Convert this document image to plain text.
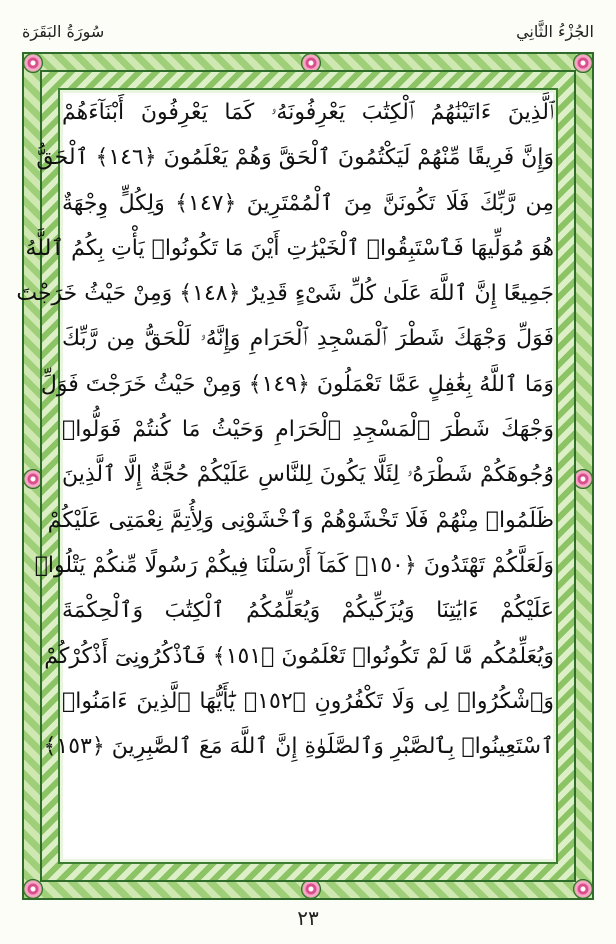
سُورَةُ البَقَرَة	الجُزْءُ الثَّانِي
ٱلَّذِينَ ءَاتَيْنَٰهُمُ ٱلْكِتَٰبَ يَعْرِفُونَهُۥ كَمَا يَعْرِفُونَ أَبْنَآءَهُمْ
وَإِنَّ فَرِيقًا مِّنْهُمْ لَيَكْتُمُونَ ٱلْحَقَّ وَهُمْ يَعْلَمُونَ ﴿١٤٦﴾ ٱلْحَقُّ
مِن رَّبِّكَ فَلَا تَكُونَنَّ مِنَ ٱلْمُمْتَرِينَ ﴿١٤٧﴾ وَلِكُلٍّ وِجْهَةٌ
هُوَ مُوَلِّيهَا فَٱسْتَبِقُوا۟ ٱلْخَيْرَٰتِ أَيْنَ مَا تَكُونُوا۟ يَأْتِ بِكُمُ ٱللَّهُ
جَمِيعًا إِنَّ ٱللَّهَ عَلَىٰ كُلِّ شَىْءٍ قَدِيرٌ ﴿١٤٨﴾ وَمِنْ حَيْثُ خَرَجْتَ
فَوَلِّ وَجْهَكَ شَطْرَ ٱلْمَسْجِدِ ٱلْحَرَامِ وَإِنَّهُۥ لَلْحَقُّ مِن رَّبِّكَ
وَمَا ٱللَّهُ بِغَٰفِلٍ عَمَّا تَعْمَلُونَ ﴿١٤٩﴾ وَمِنْ حَيْثُ خَرَجْتَ فَوَلِّ
وَجْهَكَ شَطْرَ ٱلْمَسْجِدِ ٱلْحَرَامِ وَحَيْثُ مَا كُنتُمْ فَوَلُّوا۟
وُجُوهَكُمْ شَطْرَهُۥ لِئَلَّا يَكُونَ لِلنَّاسِ عَلَيْكُمْ حُجَّةٌ إِلَّا ٱلَّذِينَ
ظَلَمُوا۟ مِنْهُمْ فَلَا تَخْشَوْهُمْ وَٱخْشَوْنِى وَلِأُتِمَّ نِعْمَتِى عَلَيْكُمْ
وَلَعَلَّكُمْ تَهْتَدُونَ ﴿١٥٠﴾ كَمَآ أَرْسَلْنَا فِيكُمْ رَسُولًا مِّنكُمْ يَتْلُوا۟
عَلَيْكُمْ ءَايَٰتِنَا وَيُزَكِّيكُمْ وَيُعَلِّمُكُمُ ٱلْكِتَٰبَ وَٱلْحِكْمَةَ
وَيُعَلِّمُكُم مَّا لَمْ تَكُونُوا۟ تَعْلَمُونَ ﴿١٥١﴾ فَٱذْكُرُونِىٓ أَذْكُرْكُمْ
وَٱشْكُرُوا۟ لِى وَلَا تَكْفُرُونِ ﴿١٥٢﴾ يَٰٓأَيُّهَا ٱلَّذِينَ ءَامَنُوا۟
ٱسْتَعِينُوا۟ بِٱلصَّبْرِ وَٱلصَّلَوٰةِ إِنَّ ٱللَّهَ مَعَ ٱلصَّٰبِرِينَ ﴿١٥٣﴾
٢٣
